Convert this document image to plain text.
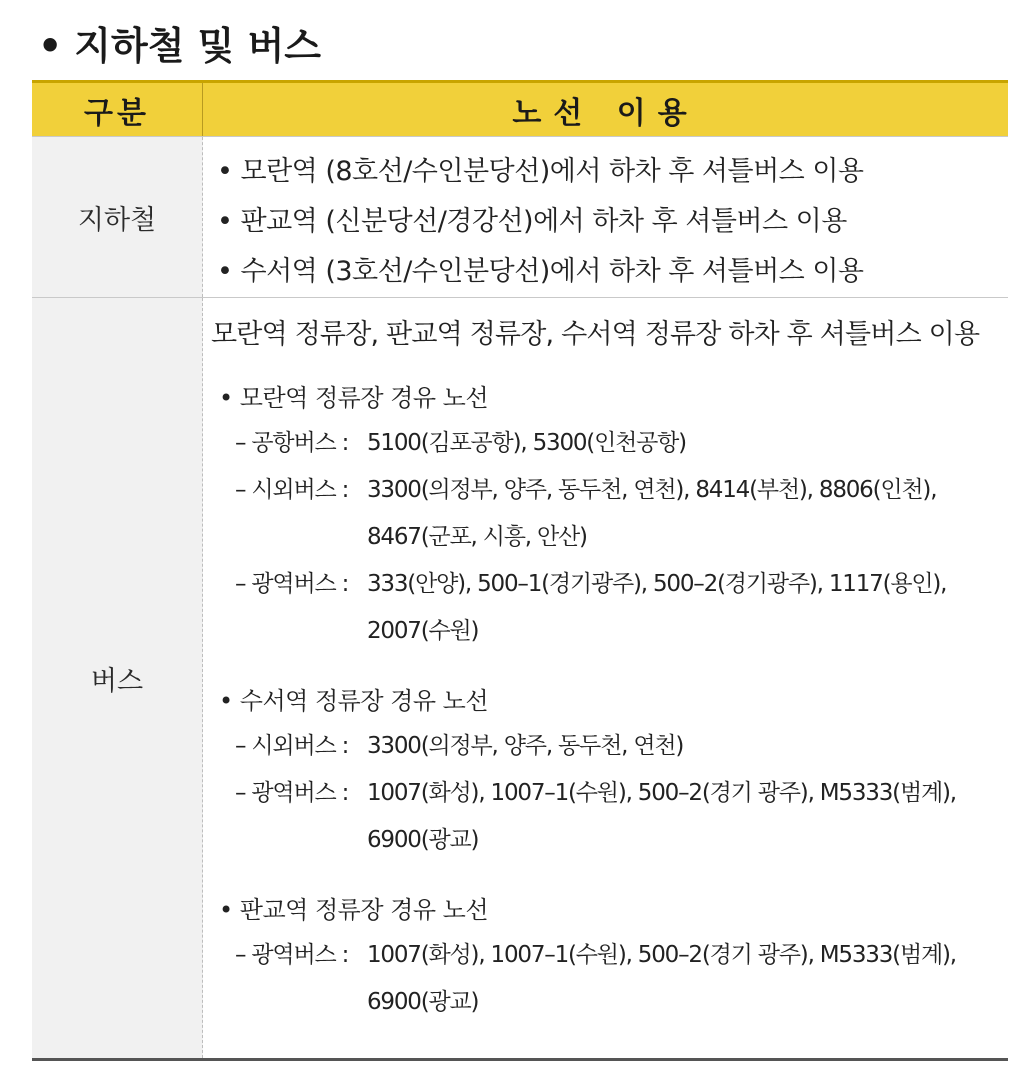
• 지하철 및 버스
구분	노선 이용
지하철
• 모란역 (8호선/수인분당선)에서 하차 후 셔틀버스 이용
• 판교역 (신분당선/경강선)에서 하차 후 셔틀버스 이용
• 수서역 (3호선/수인분당선)에서 하차 후 셔틀버스 이용
버스
모란역 정류장, 판교역 정류장, 수서역 정류장 하차 후 셔틀버스 이용
• 모란역 정류장 경유 노선
– 공항버스 : 5100(김포공항), 5300(인천공항)
– 시외버스 : 3300(의정부, 양주, 동두천, 연천), 8414(부천), 8806(인천), 8467(군포, 시흥, 안산)
– 광역버스 : 333(안양), 500–1(경기광주), 500–2(경기광주), 1117(용인), 2007(수원)
• 수서역 정류장 경유 노선
– 시외버스 : 3300(의정부, 양주, 동두천, 연천)
– 광역버스 : 1007(화성), 1007–1(수원), 500–2(경기 광주), M5333(범계), 6900(광교)
• 판교역 정류장 경유 노선
– 광역버스 : 1007(화성), 1007–1(수원), 500–2(경기 광주), M5333(범계), 6900(광교)
